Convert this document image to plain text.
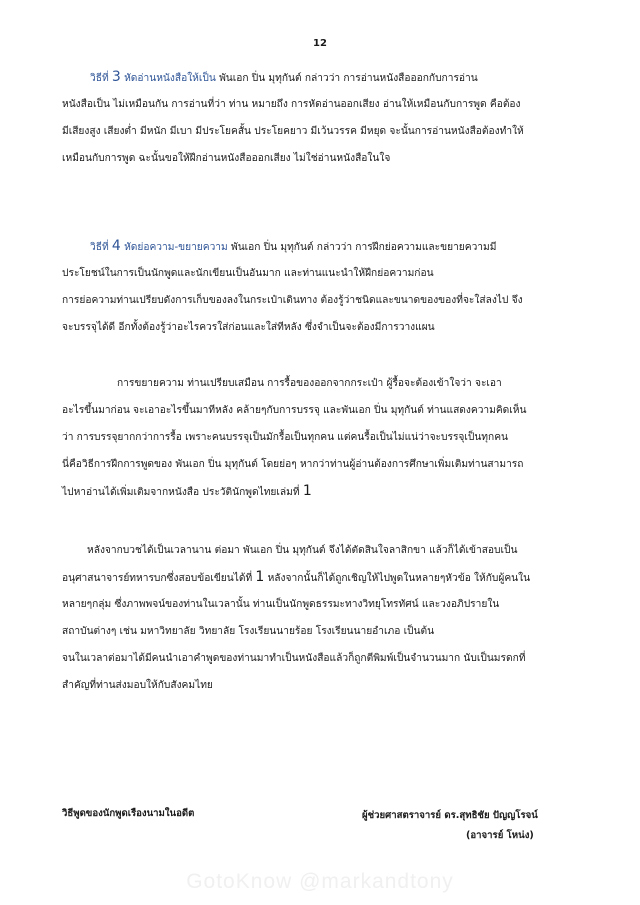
12
วิธีที่ 3 หัดอ่านหนังสือให้เป็น พันเอก ปิ่น มุทุกันต์ กล่าวว่า การอ่านหนังสือออกกับการอ่าน
หนังสือเป็น ไม่เหมือนกัน การอ่านที่ว่า ท่าน หมายถึง การหัดอ่านออกเสียง อ่านให้เหมือนกับการพูด คือต้อง
มีเสียงสูง เสียงต่ำ มีหนัก มีเบา มีประโยคสั้น ประโยคยาว มีเว้นวรรค มีหยุด จะนั้นการอ่านหนังสือต้องทำให้
เหมือนกับการพูด ฉะนั้นขอให้ฝึกอ่านหนังสือออกเสียง ไม่ใช่อ่านหนังสือในใจ
วิธีที่ 4 หัดย่อความ-ขยายความ พันเอก ปิ่น มุทุกันต์ กล่าวว่า การฝึกย่อความและขยายความมี
ประโยชน์ในการเป็นนักพูดและนักเขียนเป็นอันมาก และท่านแนะนำให้ฝึกย่อความก่อน
การย่อความท่านเปรียบดังการเก็บของลงในกระเป๋าเดินทาง ต้องรู้ว่าชนิดและขนาดของของที่จะใส่ลงไป จึง
จะบรรจุได้ดี อีกทั้งต้องรู้ว่าอะไรควรใส่ก่อนและใส่ทีหลัง ซึ่งจำเป็นจะต้องมีการวางแผน
การขยายความ ท่านเปรียบเสมือน การรื้อของออกจากกระเป๋า ผู้รื้อจะต้องเข้าใจว่า จะเอา
อะไรขึ้นมาก่อน จะเอาอะไรขึ้นมาทีหลัง คล้ายๆกับการบรรจุ และพันเอก ปิ่น มุทุกันต์ ท่านแสดงความคิดเห็น
ว่า การบรรจุยากกว่าการรื้อ เพราะคนบรรจุเป็นมักรื้อเป็นทุกคน แต่คนรื้อเป็นไม่แน่ว่าจะบรรจุเป็นทุกคน
นี่คือวิธีการฝึกการพูดของ พันเอก ปิ่น มุทุกันต์ โดยย่อๆ หากว่าท่านผู้อ่านต้องการศึกษาเพิ่มเติมท่านสามารถ
ไปหาอ่านได้เพิ่มเติมจากหนังสือ ประวัตินักพูดไทยเล่มที่ 1
หลังจากบวชได้เป็นเวลานาน ต่อมา พันเอก ปิ่น มุทุกันต์ จึงได้ตัดสินใจลาสิกขา แล้วก็ได้เข้าสอบเป็น
อนุศาสนาจารย์ทหารบกซึ่งสอบข้อเขียนได้ที่ 1 หลังจากนั้นก็ได้ถูกเชิญให้ไปพูดในหลายๆหัวข้อ ให้กับผู้คนใน
หลายๆกลุ่ม ซึ่งภาพพจน์ของท่านในเวลานั้น ท่านเป็นนักพูดธรรมะทางวิทยุโทรทัศน์ และวงอภิปรายใน
สถาบันต่างๆ เช่น มหาวิทยาลัย วิทยาลัย โรงเรียนนายร้อย โรงเรียนนายอำเภอ เป็นต้น
จนในเวลาต่อมาได้มีคนนำเอาคำพูดของท่านมาทำเป็นหนังสือแล้วก็ถูกตีพิมพ์เป็นจำนวนมาก นับเป็นมรดกที่
สำคัญที่ท่านส่งมอบให้กับสังคมไทย
วิธีพูดของนักพูดเรืองนามในอดีต	ผู้ช่วยศาสตราจารย์ ดร.สุทธิชัย ปัญญโรจน์
(อาจารย์ โหน่ง)
GotoKnow @markandtony
